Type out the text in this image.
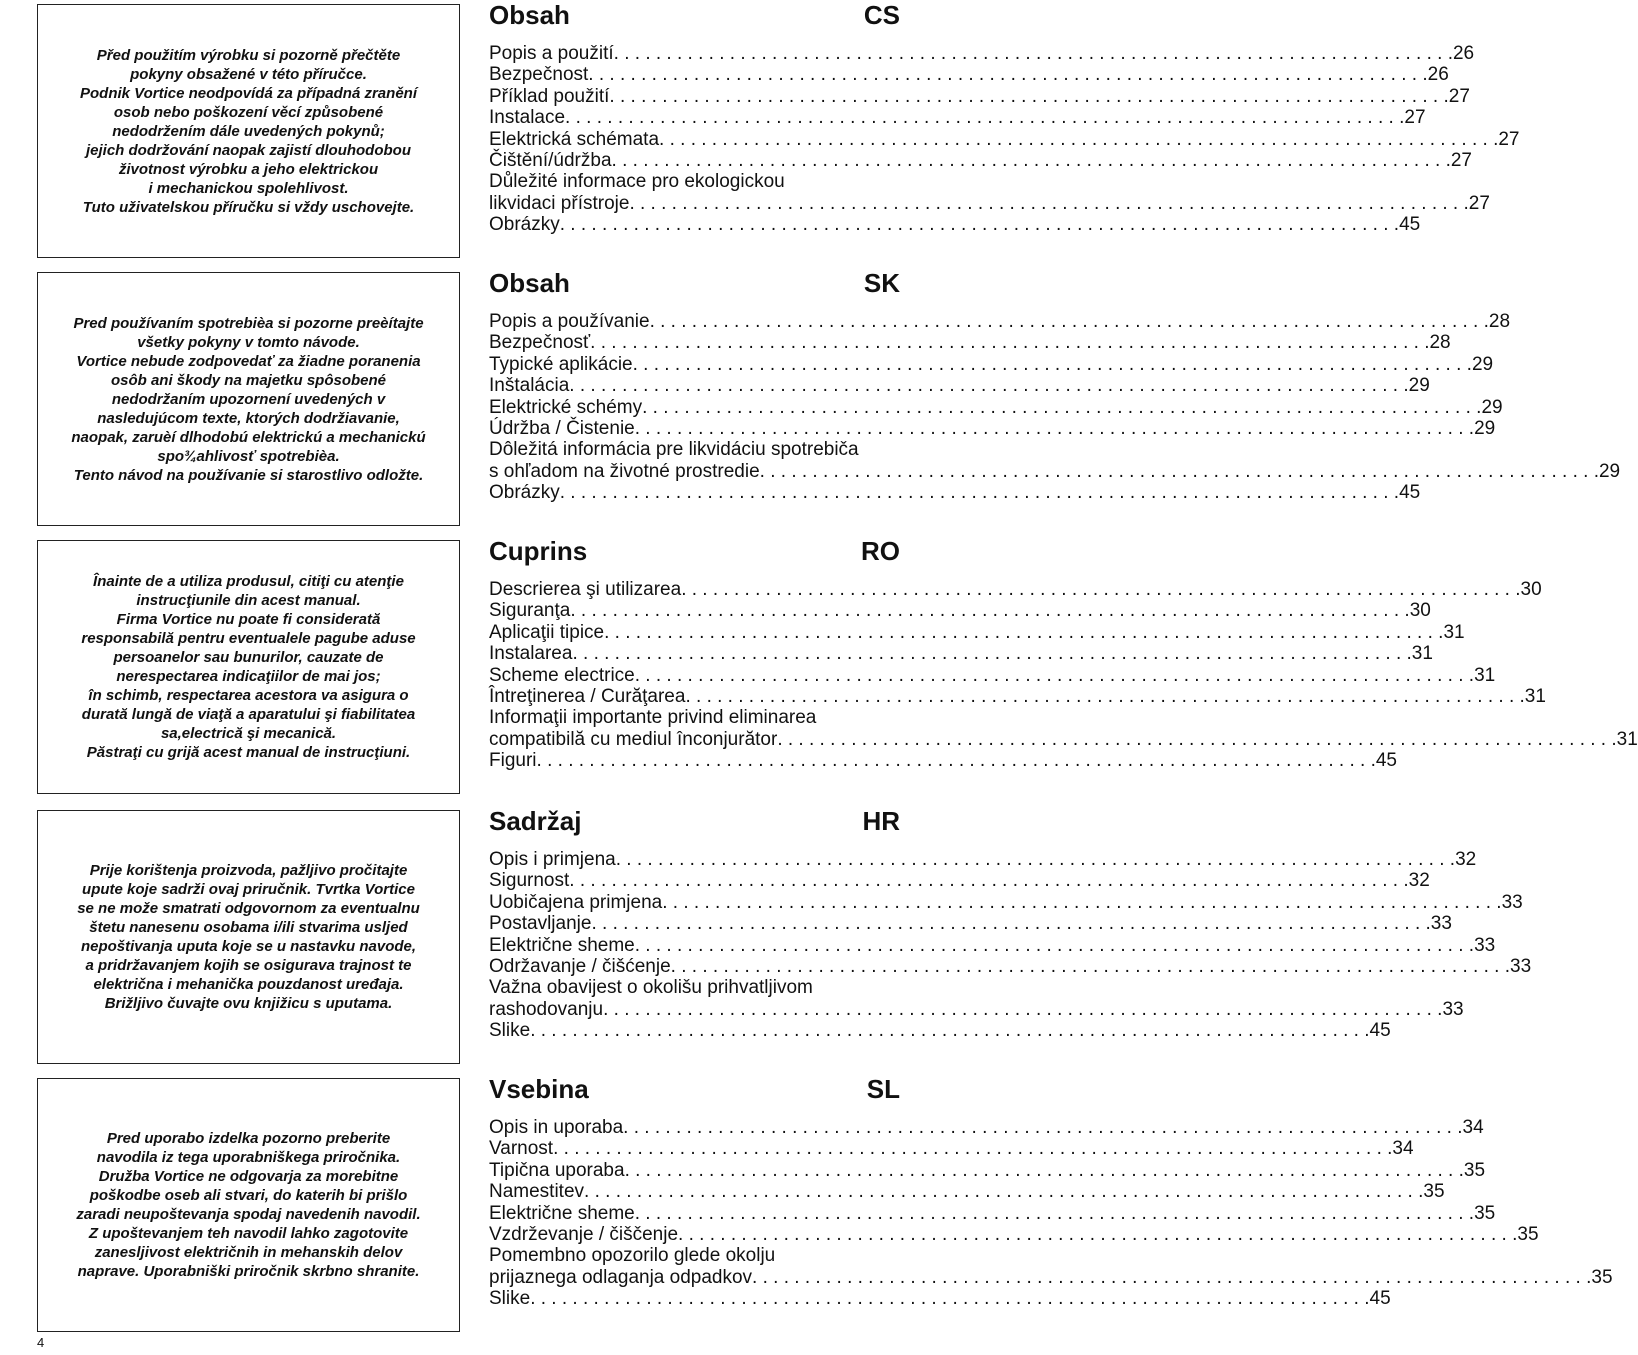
Před použitím výrobku si pozorně přečtěte
pokyny obsažené v této příručce.
Podnik Vortice neodpovídá za případná zranění
osob nebo poškození věcí způsobené
nedodržením dále uvedených pokynů;
jejich dodržování naopak zajistí dlouhodobou
životnost výrobku a jeho elektrickou
i mechanickou spolehlivost.
Tuto uživatelskou příručku si vždy uschovejte.

Pred používaním spotrebièa si pozorne preèítajte
všetky pokyny v tomto návode.
Vortice nebude zodpovedať za žiadne poranenia
osôb ani škody na majetku spôsobené
nedodržaním upozornení uvedených v
nasledujúcom texte, ktorých dodržiavanie,
naopak, zaruèí dlhodobú elektrickú a mechanickú
spo¾ahlivosť spotrebièa.
Tento návod na používanie si starostlivo odložte.

Înainte de a utiliza produsul, citiţi cu atenţie
instrucţiunile din acest manual.
Firma Vortice nu poate fi considerată
responsabilă pentru eventualele pagube aduse
persoanelor sau bunurilor, cauzate de
nerespectarea indicaţiilor de mai jos;
în schimb, respectarea acestora va asigura o
durată lungă de viaţă a aparatului şi fiabilitatea
sa,electrică şi mecanică.
Păstraţi cu grijă acest manual de instrucţiuni.

Prije korištenja proizvoda, pažljivo pročitajte
upute koje sadrži ovaj priručnik. Tvrtka Vortice
se ne može smatrati odgovornom za eventualnu
štetu nanesenu osobama i/ili stvarima usljed
nepoštivanja uputa koje se u nastavku navode,
a pridržavanjem kojih se osigurava trajnost te
električna i mehanička pouzdanost uređaja.
Brižljivo čuvajte ovu knjižicu s uputama.

Pred uporabo izdelka pozorno preberite
navodila iz tega uporabniškega priročnika.
Družba Vortice ne odgovarja za morebitne
poškodbe oseb ali stvari, do katerih bi prišlo
zaradi neupoštevanja spodaj navedenih navodil.
Z upoštevanjem teh navodil lahko zagotovite
zanesljivost električnih in mehanskih delov
naprave. Uporabniški priročnik skrbno shranite.

Obsah	CS
Popis a použití . . . . . . . . . . . . . . . . . . . . . . . . . . . . . . . . . . . . . . . . . . . . . . . . . . . . . . . . . . . . . . . . . . . . . . . . . . . . . . . . 26
Bezpečnost . . . . . . . . . . . . . . . . . . . . . . . . . . . . . . . . . . . . . . . . . . . . . . . . . . . . . . . . . . . . . . . . . . . . . . . . . . . . . . . . 26
Příklad použití . . . . . . . . . . . . . . . . . . . . . . . . . . . . . . . . . . . . . . . . . . . . . . . . . . . . . . . . . . . . . . . . . . . . . . . . . . . . . . . . 27
Instalace . . . . . . . . . . . . . . . . . . . . . . . . . . . . . . . . . . . . . . . . . . . . . . . . . . . . . . . . . . . . . . . . . . . . . . . . . . . . . . . . 27
Elektrická schémata . . . . . . . . . . . . . . . . . . . . . . . . . . . . . . . . . . . . . . . . . . . . . . . . . . . . . . . . . . . . . . . . . . . . . . . . . . . . . . . . 27
Čištění/údržba . . . . . . . . . . . . . . . . . . . . . . . . . . . . . . . . . . . . . . . . . . . . . . . . . . . . . . . . . . . . . . . . . . . . . . . . . . . . . . . . 27
Důležité informace pro ekologickou
likvidaci přístroje . . . . . . . . . . . . . . . . . . . . . . . . . . . . . . . . . . . . . . . . . . . . . . . . . . . . . . . . . . . . . . . . . . . . . . . . . . . . . . . . 27
Obrázky . . . . . . . . . . . . . . . . . . . . . . . . . . . . . . . . . . . . . . . . . . . . . . . . . . . . . . . . . . . . . . . . . . . . . . . . . . . . . . . . 45
Obsah	SK
Popis a používanie . . . . . . . . . . . . . . . . . . . . . . . . . . . . . . . . . . . . . . . . . . . . . . . . . . . . . . . . . . . . . . . . . . . . . . . . . . . . . . . . 28
Bezpečnosť . . . . . . . . . . . . . . . . . . . . . . . . . . . . . . . . . . . . . . . . . . . . . . . . . . . . . . . . . . . . . . . . . . . . . . . . . . . . . . . . 28
Typické aplikácie . . . . . . . . . . . . . . . . . . . . . . . . . . . . . . . . . . . . . . . . . . . . . . . . . . . . . . . . . . . . . . . . . . . . . . . . . . . . . . . . 29
Inštalácia . . . . . . . . . . . . . . . . . . . . . . . . . . . . . . . . . . . . . . . . . . . . . . . . . . . . . . . . . . . . . . . . . . . . . . . . . . . . . . . . 29
Elektrické schémy . . . . . . . . . . . . . . . . . . . . . . . . . . . . . . . . . . . . . . . . . . . . . . . . . . . . . . . . . . . . . . . . . . . . . . . . . . . . . . . . 29
Údržba / Čistenie . . . . . . . . . . . . . . . . . . . . . . . . . . . . . . . . . . . . . . . . . . . . . . . . . . . . . . . . . . . . . . . . . . . . . . . . . . . . . . . . 29
Dôležitá informácia pre likvidáciu spotrebiča
s ohľadom na životné prostredie . . . . . . . . . . . . . . . . . . . . . . . . . . . . . . . . . . . . . . . . . . . . . . . . . . . . . . . . . . . . . . . . . . . . . . . . . . . . . . . . 29
Obrázky . . . . . . . . . . . . . . . . . . . . . . . . . . . . . . . . . . . . . . . . . . . . . . . . . . . . . . . . . . . . . . . . . . . . . . . . . . . . . . . . 45
Cuprins	RO
Descrierea şi utilizarea . . . . . . . . . . . . . . . . . . . . . . . . . . . . . . . . . . . . . . . . . . . . . . . . . . . . . . . . . . . . . . . . . . . . . . . . . . . . . . . . 30
Siguranţa . . . . . . . . . . . . . . . . . . . . . . . . . . . . . . . . . . . . . . . . . . . . . . . . . . . . . . . . . . . . . . . . . . . . . . . . . . . . . . . . 30
Aplicaţii tipice . . . . . . . . . . . . . . . . . . . . . . . . . . . . . . . . . . . . . . . . . . . . . . . . . . . . . . . . . . . . . . . . . . . . . . . . . . . . . . . . 31
Instalarea . . . . . . . . . . . . . . . . . . . . . . . . . . . . . . . . . . . . . . . . . . . . . . . . . . . . . . . . . . . . . . . . . . . . . . . . . . . . . . . . 31
Scheme electrice . . . . . . . . . . . . . . . . . . . . . . . . . . . . . . . . . . . . . . . . . . . . . . . . . . . . . . . . . . . . . . . . . . . . . . . . . . . . . . . . 31
Întreţinerea / Curăţarea . . . . . . . . . . . . . . . . . . . . . . . . . . . . . . . . . . . . . . . . . . . . . . . . . . . . . . . . . . . . . . . . . . . . . . . . . . . . . . . . 31
Informaţii importante privind eliminarea
compatibilă cu mediul înconjurător . . . . . . . . . . . . . . . . . . . . . . . . . . . . . . . . . . . . . . . . . . . . . . . . . . . . . . . . . . . . . . . . . . . . . . . . . . . . . . . . 31
Figuri . . . . . . . . . . . . . . . . . . . . . . . . . . . . . . . . . . . . . . . . . . . . . . . . . . . . . . . . . . . . . . . . . . . . . . . . . . . . . . . . 45
Sadržaj	HR
Opis i primjena . . . . . . . . . . . . . . . . . . . . . . . . . . . . . . . . . . . . . . . . . . . . . . . . . . . . . . . . . . . . . . . . . . . . . . . . . . . . . . . . 32
Sigurnost . . . . . . . . . . . . . . . . . . . . . . . . . . . . . . . . . . . . . . . . . . . . . . . . . . . . . . . . . . . . . . . . . . . . . . . . . . . . . . . . 32
Uobičajena primjena . . . . . . . . . . . . . . . . . . . . . . . . . . . . . . . . . . . . . . . . . . . . . . . . . . . . . . . . . . . . . . . . . . . . . . . . . . . . . . . . 33
Postavljanje . . . . . . . . . . . . . . . . . . . . . . . . . . . . . . . . . . . . . . . . . . . . . . . . . . . . . . . . . . . . . . . . . . . . . . . . . . . . . . . . 33
Električne sheme . . . . . . . . . . . . . . . . . . . . . . . . . . . . . . . . . . . . . . . . . . . . . . . . . . . . . . . . . . . . . . . . . . . . . . . . . . . . . . . . 33
Održavanje / čišćenje . . . . . . . . . . . . . . . . . . . . . . . . . . . . . . . . . . . . . . . . . . . . . . . . . . . . . . . . . . . . . . . . . . . . . . . . . . . . . . . . 33
Važna obavijest o okolišu prihvatljivom
rashodovanju . . . . . . . . . . . . . . . . . . . . . . . . . . . . . . . . . . . . . . . . . . . . . . . . . . . . . . . . . . . . . . . . . . . . . . . . . . . . . . . . 33
Slike . . . . . . . . . . . . . . . . . . . . . . . . . . . . . . . . . . . . . . . . . . . . . . . . . . . . . . . . . . . . . . . . . . . . . . . . . . . . . . . . 45
Vsebina	SL
Opis in uporaba . . . . . . . . . . . . . . . . . . . . . . . . . . . . . . . . . . . . . . . . . . . . . . . . . . . . . . . . . . . . . . . . . . . . . . . . . . . . . . . . 34
Varnost . . . . . . . . . . . . . . . . . . . . . . . . . . . . . . . . . . . . . . . . . . . . . . . . . . . . . . . . . . . . . . . . . . . . . . . . . . . . . . . . 34
Tipična uporaba . . . . . . . . . . . . . . . . . . . . . . . . . . . . . . . . . . . . . . . . . . . . . . . . . . . . . . . . . . . . . . . . . . . . . . . . . . . . . . . . 35
Namestitev . . . . . . . . . . . . . . . . . . . . . . . . . . . . . . . . . . . . . . . . . . . . . . . . . . . . . . . . . . . . . . . . . . . . . . . . . . . . . . . . 35
Električne sheme . . . . . . . . . . . . . . . . . . . . . . . . . . . . . . . . . . . . . . . . . . . . . . . . . . . . . . . . . . . . . . . . . . . . . . . . . . . . . . . . 35
Vzdrževanje / čiščenje . . . . . . . . . . . . . . . . . . . . . . . . . . . . . . . . . . . . . . . . . . . . . . . . . . . . . . . . . . . . . . . . . . . . . . . . . . . . . . . . 35
Pomembno opozorilo glede okolju
prijaznega odlaganja odpadkov . . . . . . . . . . . . . . . . . . . . . . . . . . . . . . . . . . . . . . . . . . . . . . . . . . . . . . . . . . . . . . . . . . . . . . . . . . . . . . . . 35
Slike . . . . . . . . . . . . . . . . . . . . . . . . . . . . . . . . . . . . . . . . . . . . . . . . . . . . . . . . . . . . . . . . . . . . . . . . . . . . . . . . 45
4
